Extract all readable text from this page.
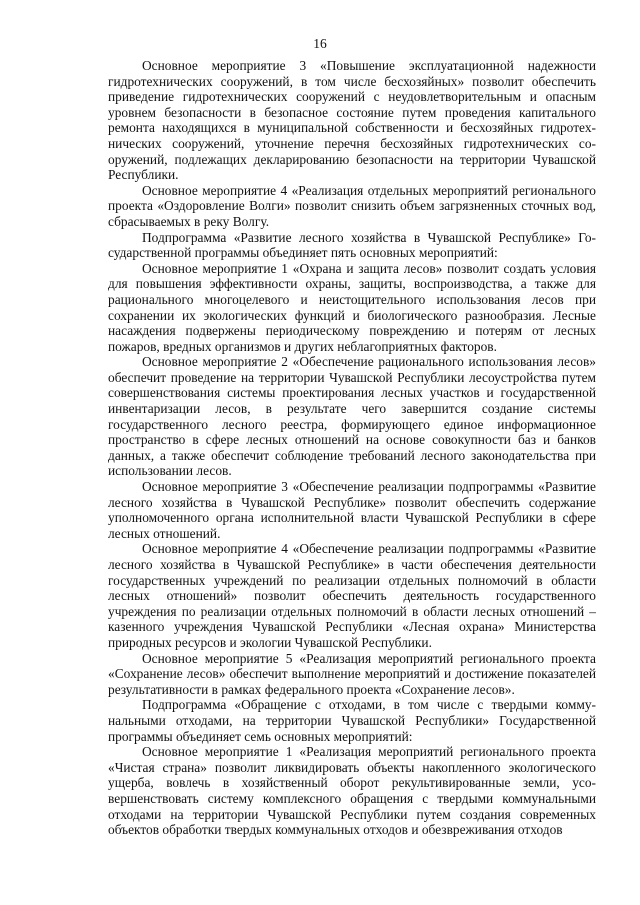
16

Основное мероприятие 3 «Повышение эксплуатационной надежности гидротехнических сооружений, в том числе бесхозяйных» позволит обеспечить приведение гидротехнических сооружений с неудовлетворительным и опасным уровнем безопасности в безопасное состояние путем проведения капитального ремонта находящихся в муниципальной собственности и бесхозяйных гидротехнических сооружений, уточнение перечня бесхозяйных гидротехнических сооружений, подлежащих декларированию безопасности на территории Чувашской Республики.

Основное мероприятие 4 «Реализация отдельных мероприятий регионального проекта «Оздоровление Волги» позволит снизить объем загрязненных сточных вод, сбрасываемых в реку Волгу.

Подпрограмма «Развитие лесного хозяйства в Чувашской Республике» Государственной программы объединяет пять основных мероприятий:

Основное мероприятие 1 «Охрана и защита лесов» позволит создать условия для повышения эффективности охраны, защиты, воспроизводства, а также для рационального многоцелевого и неистощительного использования лесов при сохранении их экологических функций и биологического разнообразия. Лесные насаждения подвержены периодическому повреждению и потерям от лесных пожаров, вредных организмов и других неблагоприятных факторов.

Основное мероприятие 2 «Обеспечение рационального использования лесов» обеспечит проведение на территории Чувашской Республики лесоустройства путем совершенствования системы проектирования лесных участков и государственной инвентаризации лесов, в результате чего завершится создание системы государственного лесного реестра, формирующего единое информационное пространство в сфере лесных отношений на основе совокупности баз и банков данных, а также обеспечит соблюдение требований лесного законодательства при использовании лесов.

Основное мероприятие 3 «Обеспечение реализации подпрограммы «Развитие лесного хозяйства в Чувашской Республике» позволит обеспечить содержание уполномоченного органа исполнительной власти Чувашской Республики в сфере лесных отношений.

Основное мероприятие 4 «Обеспечение реализации подпрограммы «Развитие лесного хозяйства в Чувашской Республике» в части обеспечения деятельности государственных учреждений по реализации отдельных полномочий в области лесных отношений» позволит обеспечить деятельность государственного учреждения по реализации отдельных полномочий в области лесных отношений – казенного учреждения Чувашской Республики «Лесная охрана» Министерства природных ресурсов и экологии Чувашской Республики.

Основное мероприятие 5 «Реализация мероприятий регионального проекта «Сохранение лесов» обеспечит выполнение мероприятий и достижение показателей результативности в рамках федерального проекта «Сохранение лесов».

Подпрограмма «Обращение с отходами, в том числе с твердыми коммунальными отходами, на территории Чувашской Республики» Государственной программы объединяет семь основных мероприятий:

Основное мероприятие 1 «Реализация мероприятий регионального проекта «Чистая страна» позволит ликвидировать объекты накопленного экологического ущерба, вовлечь в хозяйственный оборот рекультивированные земли, усовершенствовать систему комплексного обращения с твердыми коммунальными отходами на территории Чувашской Республики путем создания современных объектов обработки твердых коммунальных отходов и обезвреживания отходов
